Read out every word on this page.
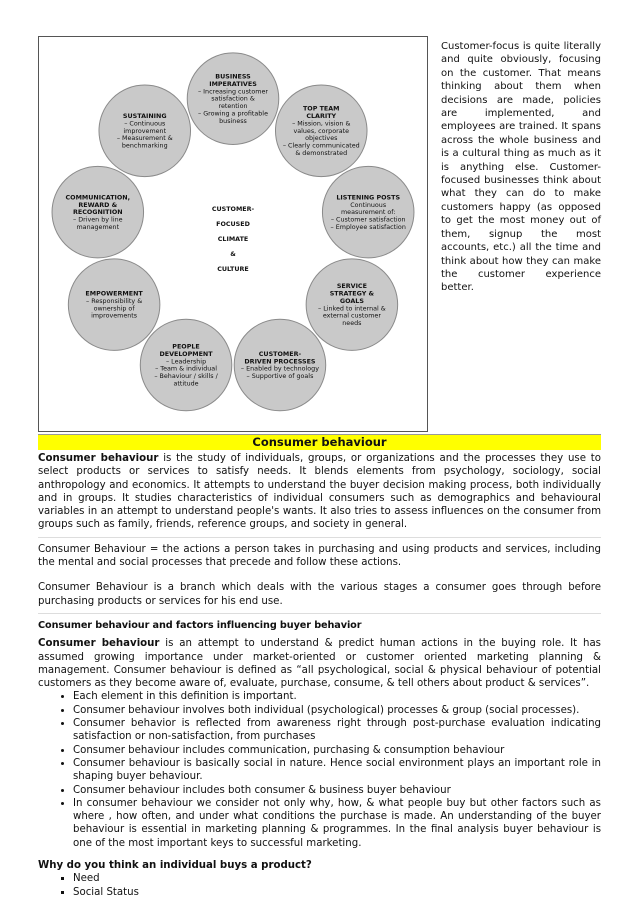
BUSINESS
IMPERATIVES
– Increasing customer
satisfaction &
retention
– Growing a profitable
business
TOP TEAM
CLARITY
– Mission, vision &
values, corporate
objectives
– Clearly communicated
& demonstrated
LISTENING POSTS
Continuous
measurement of:
– Customer satisfaction
– Employee satisfaction
SERVICE
STRATEGY &
GOALS
– Linked to internal &
external customer
needs
CUSTOMER-
DRIVEN PROCESSES
– Enabled by technology
– Supportive of goals
PEOPLE
DEVELOPMENT
– Leadership
– Team & individual
– Behaviour / skills /
attitude
EMPOWERMENT
– Responsibility &
ownership of
improvements
COMMUNICATION,
REWARD &
RECOGNITION
– Driven by line
management
SUSTAINING
– Continuous
improvement
– Measurement &
benchmarking
CUSTOMER-
FOCUSED
CLIMATE
&
CULTURE
Customer-focus is quite literally and quite obviously, focusing on the customer. That means thinking about them when decisions are made, policies are implemented, and employees are trained. It spans across the whole business and is a cultural thing as much as it is anything else. Customer-focused businesses think about what they can do to make customers happy (as opposed to get the most money out of them, signup the most accounts, etc.) all the time and think about how they can make the customer experience better.
Consumer behaviour

Consumer behaviour is the study of individuals, groups, or organizations and the processes they use to select products or services to satisfy needs. It blends elements from psychology, sociology, social anthropology and economics. It attempts to understand the buyer decision making process, both individually and in groups. It studies characteristics of individual consumers such as demographics and behavioural variables in an attempt to understand people's wants. It also tries to assess influences on the consumer from groups such as family, friends, reference groups, and society in general.

Consumer Behaviour = the actions a person takes in purchasing and using products and services, including the mental and social processes that precede and follow these actions.

Consumer Behaviour is a branch which deals with the various stages a consumer goes through before purchasing products or services for his end use.

Consumer behaviour and factors influencing buyer behavior

Consumer behaviour is an attempt to understand & predict human actions in the buying role. It has assumed growing importance under market-oriented or customer oriented marketing planning & management. Consumer behaviour is defined as “all psychological, social & physical behaviour of potential customers as they become aware of, evaluate, purchase, consume, & tell others about product & services”.

• Each element in this definition is important.
• Consumer behaviour involves both individual (psychological) processes & group (social processes).
• Consumer behavior is reflected from awareness right through post-purchase evaluation indicating satisfaction or non-satisfaction, from purchases
• Consumer behaviour includes communication, purchasing & consumption behaviour
• Consumer behaviour is basically social in nature. Hence social environment plays an important role in shaping buyer behaviour.
• Consumer behaviour includes both consumer & business buyer behaviour
• In consumer behaviour we consider not only why, how, & what people buy but other factors such as where , how often, and under what conditions the purchase is made. An understanding of the buyer behaviour is essential in marketing planning & programmes. In the final analysis buyer behaviour is one of the most important keys to successful marketing.
Why do you think an individual buys a product?
▪ Need
▪ Social Status
